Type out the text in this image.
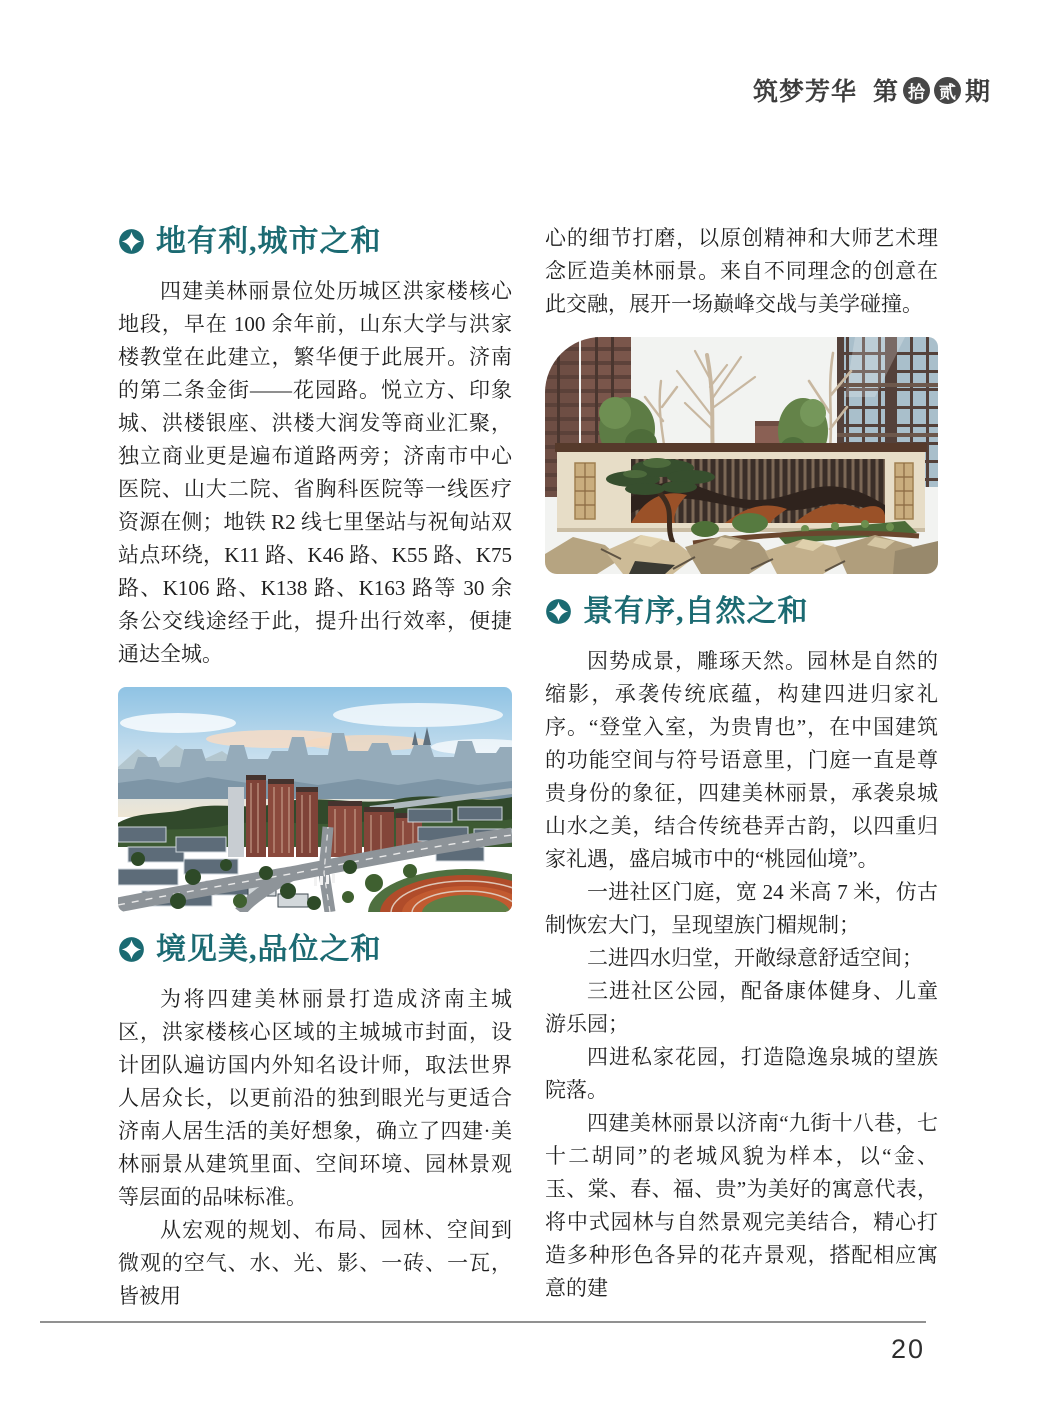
筑梦芳华 第 拾 贰 期
地有利,城市之和

四建美林丽景位处历城区洪家楼核心地段，早在 100 余年前，山东大学与洪家楼教堂在此建立，繁华便于此展开。济南的第二条金街——花园路。悦立方、印象城、洪楼银座、洪楼大润发等商业汇聚，独立商业更是遍布道路两旁；济南市中心医院、山大二院、省胸科医院等一线医疗资源在侧；地铁 R2 线七里堡站与祝甸站双站点环绕，K11 路、K46 路、K55 路、K75 路、K106 路、K138 路、K163 路等 30 余条公交线途经于此，提升出行效率，便捷通达全城。

境见美,品位之和

为将四建美林丽景打造成济南主城区，洪家楼核心区域的主城城市封面，设计团队遍访国内外知名设计师，取法世界人居众长，以更前沿的独到眼光与更适合济南人居生活的美好想象，确立了四建·美林丽景从建筑里面、空间环境、园林景观等层面的品味标准。

从宏观的规划、布局、园林、空间到微观的空气、水、光、影、一砖、一瓦，皆被用

心的细节打磨，以原创精神和大师艺术理念匠造美林丽景。来自不同理念的创意在此交融，展开一场巅峰交战与美学碰撞。

景有序,自然之和

因势成景，雕琢天然。园林是自然的缩影，承袭传统底蕴，构建四进归家礼序。“登堂入室，为贵胄也”，在中国建筑的功能空间与符号语意里，门庭一直是尊贵身份的象征，四建美林丽景，承袭泉城山水之美，结合传统巷弄古韵，以四重归家礼遇，盛启城市中的“桃园仙境”。

一进社区门庭，宽 24 米高 7 米，仿古制恢宏大门，呈现望族门楣规制；

二进四水归堂，开敞绿意舒适空间；

三进社区公园，配备康体健身、儿童游乐园；

四进私家花园，打造隐逸泉城的望族院落。

四建美林丽景以济南“九街十八巷，七十二胡同”的老城风貌为样本，以“金、玉、棠、春、福、贵”为美好的寓意代表，将中式园林与自然景观完美结合，精心打造多种形色各异的花卉景观，搭配相应寓意的建

20
